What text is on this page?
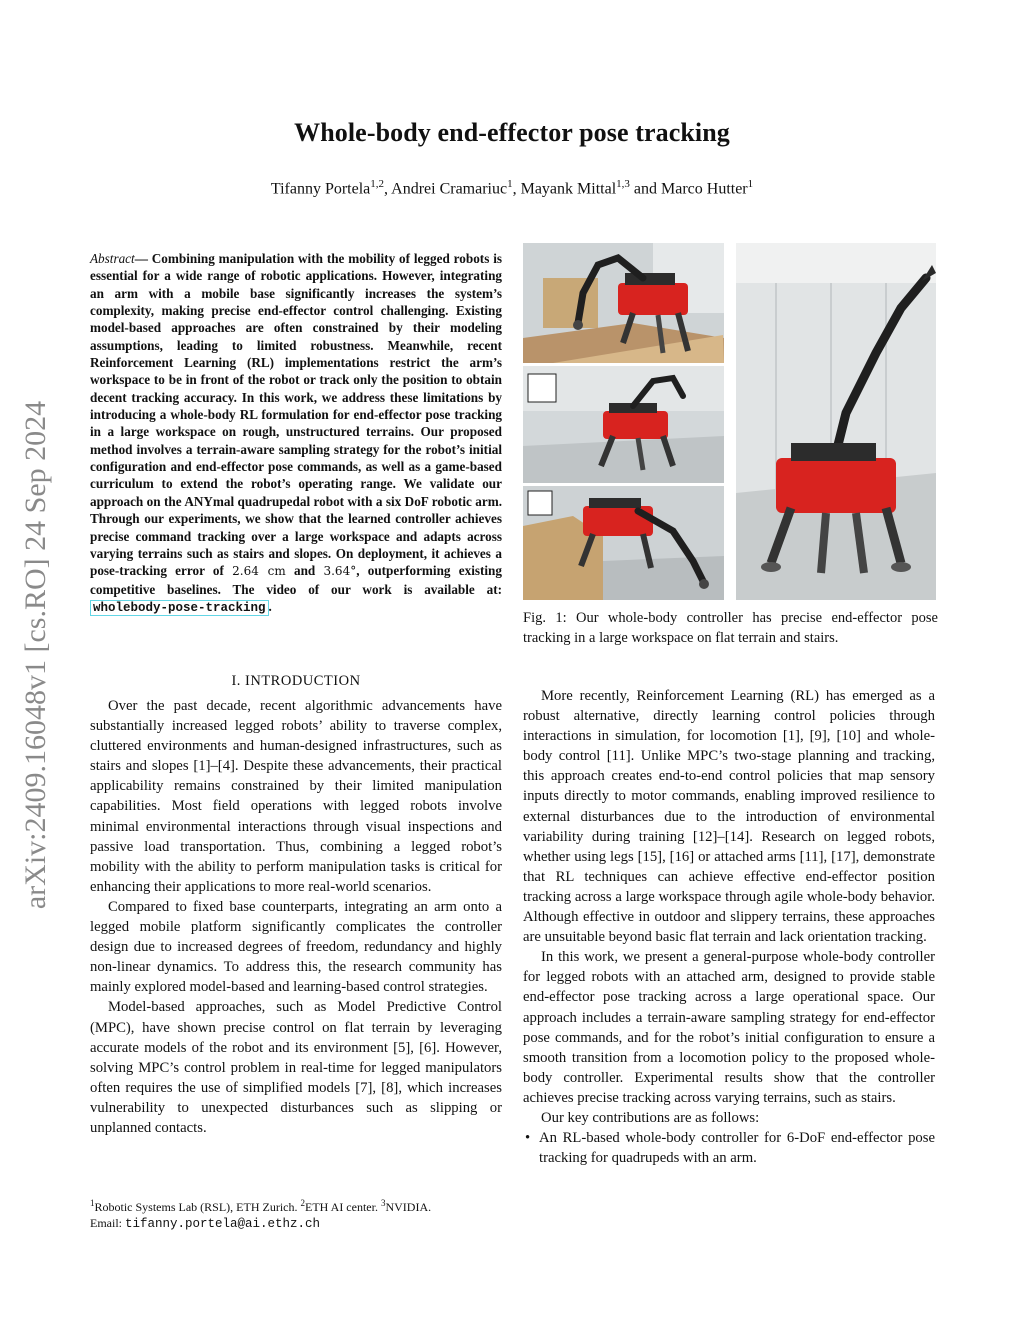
Whole-body end-effector pose tracking
Tifanny Portela$^{1,2}$, Andrei Cramariuc$^1$, Mayank Mittal$^{1,3}$ and Marco Hutter$^1$
arXiv:2409.16048v1 [cs.RO] 24 Sep 2024
Abstract— Combining manipulation with the mobility of legged robots is essential for a wide range of robotic applications. However, integrating an arm with a mobile base significantly increases the system’s complexity, making precise end-effector control challenging. Existing model-based approaches are often constrained by their modeling assumptions, leading to limited robustness. Meanwhile, recent Reinforcement Learning (RL) implementations restrict the arm’s workspace to be in front of the robot or track only the position to obtain decent tracking accuracy. In this work, we address these limitations by introducing a whole-body RL formulation for end-effector pose tracking in a large workspace on rough, unstructured terrains. Our proposed method involves a terrain-aware sampling strategy for the robot’s initial configuration and end-effector pose commands, as well as a game-based curriculum to extend the robot’s operating range. We validate our approach on the ANYmal quadrupedal robot with a six DoF robotic arm. Through our experiments, we show that the learned controller achieves precise command tracking over a large workspace and adapts across varying terrains such as stairs and slopes. On deployment, it achieves a pose-tracking error of 2.64 cm and 3.64°, outperforming existing competitive baselines. The video of our work is available at: wholebody-pose-tracking .
Fig. 1: Our whole-body controller has precise end-effector pose tracking in a large workspace on flat terrain and stairs.
I. INTRODUCTION

Over the past decade, recent algorithmic advancements have substantially increased legged robots’ ability to traverse complex, cluttered environments and human-designed infrastructures, such as stairs and slopes [1]–[4]. Despite these advancements, their practical applicability remains constrained by their limited manipulation capabilities. Most field operations with legged robots involve minimal environmental interactions through visual inspections and passive load transportation. Thus, combining a legged robot’s mobility with the ability to perform manipulation tasks is critical for enhancing their applications to more real-world scenarios.

Compared to fixed base counterparts, integrating an arm onto a legged mobile platform significantly complicates the controller design due to increased degrees of freedom, redundancy and highly non-linear dynamics. To address this, the research community has mainly explored model-based and learning-based control strategies.

Model-based approaches, such as Model Predictive Control (MPC), have shown precise control on flat terrain by leveraging accurate models of the robot and its environment [5], [6]. However, solving MPC’s control problem in real-time for legged manipulators often requires the use of simplified models [7], [8], which increases vulnerability to unexpected disturbances such as slipping or unplanned contacts.

More recently, Reinforcement Learning (RL) has emerged as a robust alternative, directly learning control policies through interactions in simulation, for locomotion [1], [9], [10] and whole-body control [11]. Unlike MPC’s two-stage planning and tracking, this approach creates end-to-end control policies that map sensory inputs directly to motor commands, enabling improved resilience to external disturbances due to the introduction of environmental variability during training [12]–[14]. Research on legged robots, whether using legs [15], [16] or attached arms [11], [17], demonstrate that RL techniques can achieve effective end-effector position tracking across a large workspace through agile whole-body behavior. Although effective in outdoor and slippery terrains, these approaches are unsuitable beyond basic flat terrain and lack orientation tracking.

In this work, we present a general-purpose whole-body controller for legged robots with an attached arm, designed to provide stable end-effector pose tracking across a large operational space. Our approach includes a terrain-aware sampling strategy for end-effector pose commands, and for the robot’s initial configuration to ensure a smooth transition from a locomotion policy to the proposed whole-body controller. Experimental results show that the controller achieves precise tracking across varying terrains, such as stairs.

Our key contributions are as follows:

• An RL-based whole-body controller for 6-DoF end-effector pose tracking for quadrupeds with an arm.
$^1$Robotic Systems Lab (RSL), ETH Zurich. $^2$ETH AI center. $^3$NVIDIA.
Email: tifanny.portela@ai.ethz.ch
